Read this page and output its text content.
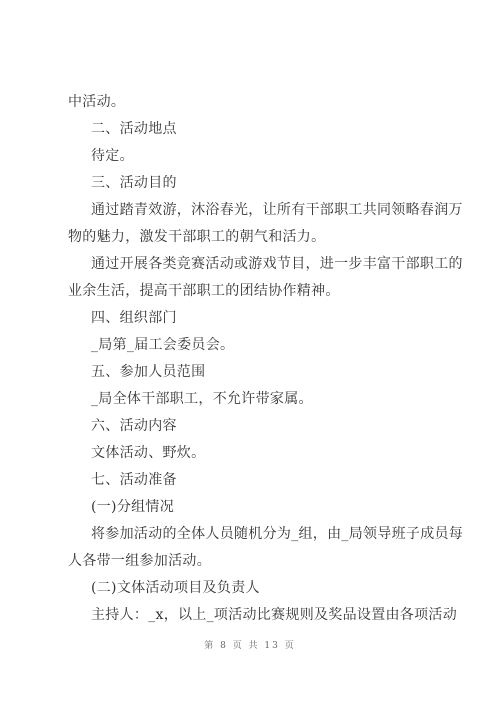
中活动。
二、活动地点
待定。
三、活动目的
通过踏青效游，沐浴春光，让所有干部职工共同领略春润万
物的魅力，激发干部职工的朝气和活力。
通过开展各类竞赛活动或游戏节目，进一步丰富干部职工的
业余生活，提高干部职工的团结协作精神。
四、组织部门
_局第_届工会委员会。
五、参加人员范围
_局全体干部职工，不允许带家属。
六、活动内容
文体活动、野炊。
七、活动准备
(一)分组情况
将参加活动的全体人员随机分为_组，由_局领导班子成员每
人各带一组参加活动。
(二)文体活动项目及负责人
主持人：_x，以上_项活动比赛规则及奖品设置由各项活动
第 8 页 共 13 页
